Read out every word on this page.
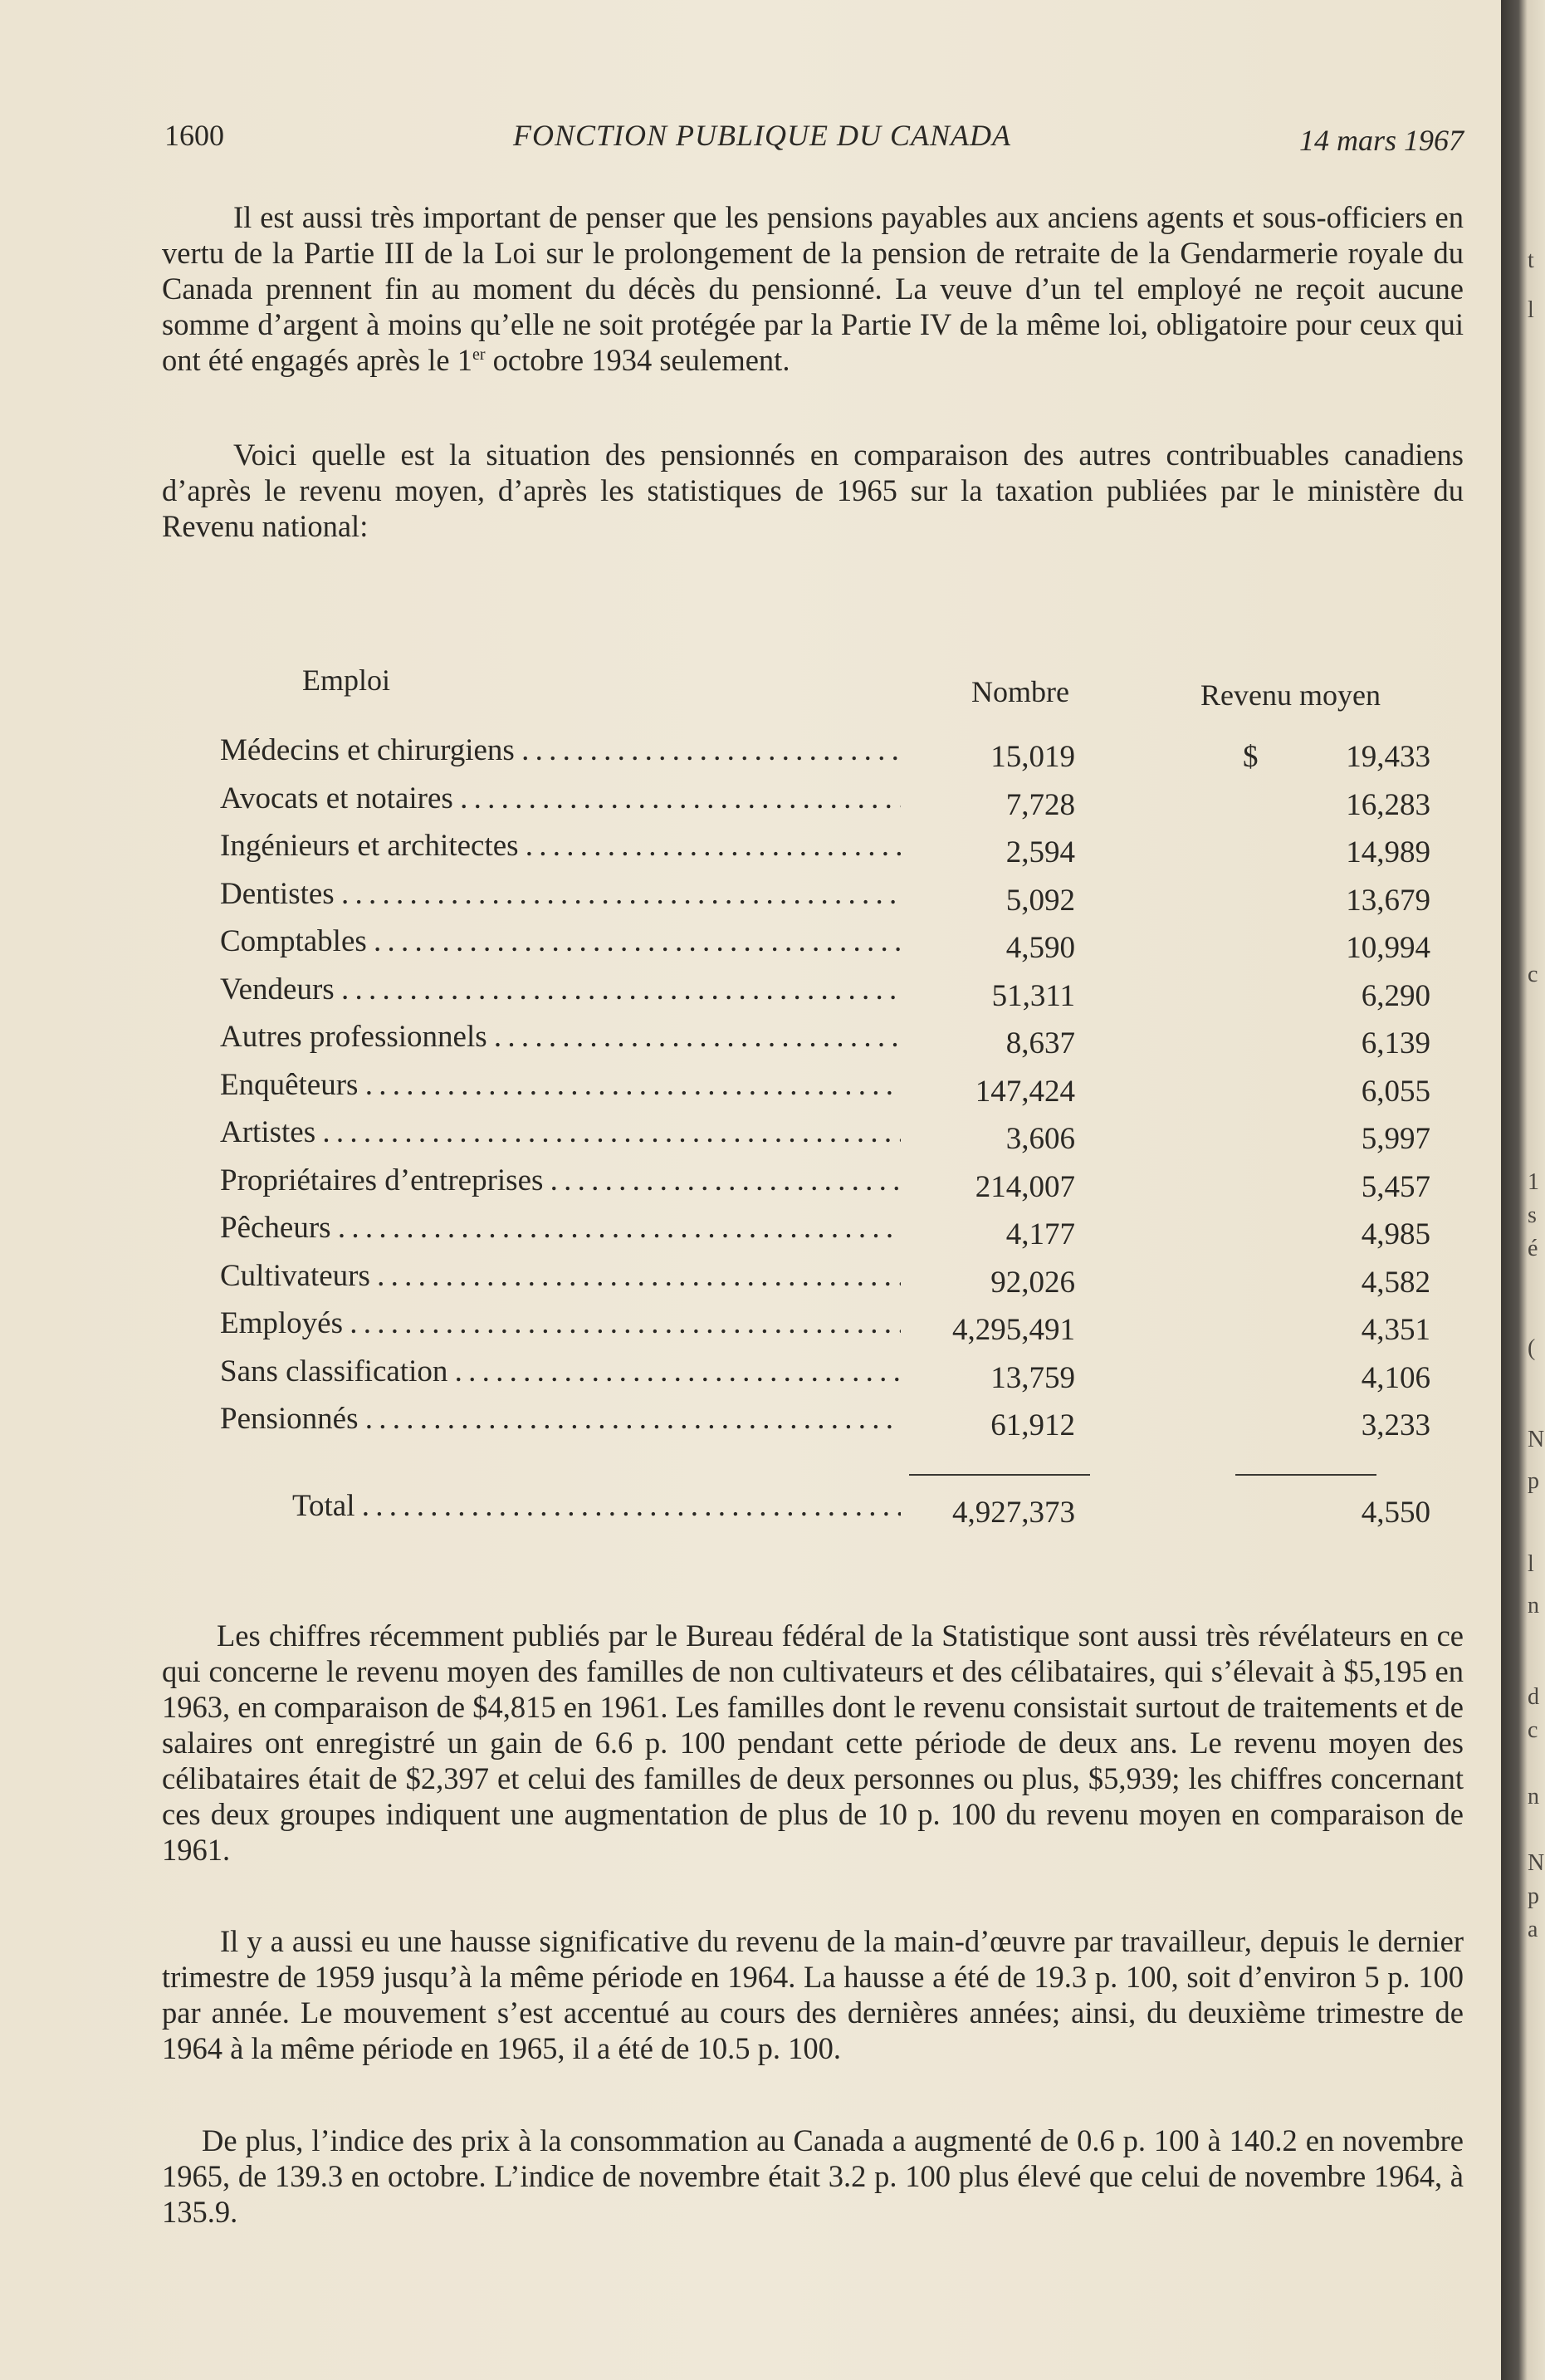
1600	FONCTION PUBLIQUE DU CANADA	14 mars 1967

Il est aussi très important de penser que les pensions payables aux anciens agents et sous-officiers en vertu de la Partie III de la Loi sur le prolongement de la pension de retraite de la Gendarmerie royale du Canada prennent fin au moment du décès du pensionné. La veuve d’un tel employé ne reçoit aucune somme d’argent à moins qu’elle ne soit protégée par la Partie IV de la même loi, obligatoire pour ceux qui ont été engagés après le 1er octobre 1934 seulement.

Voici quelle est la situation des pensionnés en comparaison des autres contribuables canadiens d’après le revenu moyen, d’après les statistiques de 1965 sur la taxation publiées par le ministère du Revenu national:

Emploi	Nombre	Revenu moyen
Médecins et chirurgiens . . .	15,019	19,433
$
Avocats et notaires . . .	7,728	16,283
Ingénieurs et architectes . . .	2,594	14,989
Dentistes . . .	5,092	13,679
Comptables . . .	4,590	10,994
Vendeurs . . .	51,311	6,290
Autres professionnels . . .	8,637	6,139
Enquêteurs . . .	147,424	6,055
Artistes . . .	3,606	5,997
Propriétaires d’entreprises . . .	214,007	5,457
Pêcheurs . . .	4,177	4,985
Cultivateurs . . .	92,026	4,582
Employés . . .	4,295,491	4,351
Sans classification . . .	13,759	4,106
Pensionnés . . .	61,912	3,233
Total . . .	4,927,373	4,550

Les chiffres récemment publiés par le Bureau fédéral de la Statistique sont aussi très révélateurs en ce qui concerne le revenu moyen des familles de non cultivateurs et des célibataires, qui s’élevait à $5,195 en 1963, en comparaison de $4,815 en 1961. Les familles dont le revenu consistait surtout de traitements et de salaires ont enregistré un gain de 6.6 p. 100 pendant cette période de deux ans. Le revenu moyen des célibataires était de $2,397 et celui des familles de deux personnes ou plus, $5,939; les chiffres concernant ces deux groupes indiquent une augmentation de plus de 10 p. 100 du revenu moyen en comparaison de 1961.

Il y a aussi eu une hausse significative du revenu de la main-d’œuvre par travailleur, depuis le dernier trimestre de 1959 jusqu’à la même période en 1964. La hausse a été de 19.3 p. 100, soit d’environ 5 p. 100 par année. Le mouvement s’est accentué au cours des dernières années; ainsi, du deuxième trimestre de 1964 à la même période en 1965, il a été de 10.5 p. 100.

De plus, l’indice des prix à la consommation au Canada a augmenté de 0.6 p. 100 à 140.2 en novembre 1965, de 139.3 en octobre. L’indice de novembre était 3.2 p. 100 plus élevé que celui de novembre 1964, à 135.9.

t
l
c
1
s
é
(
N
p
l
n
d
c
n
N
p
a
